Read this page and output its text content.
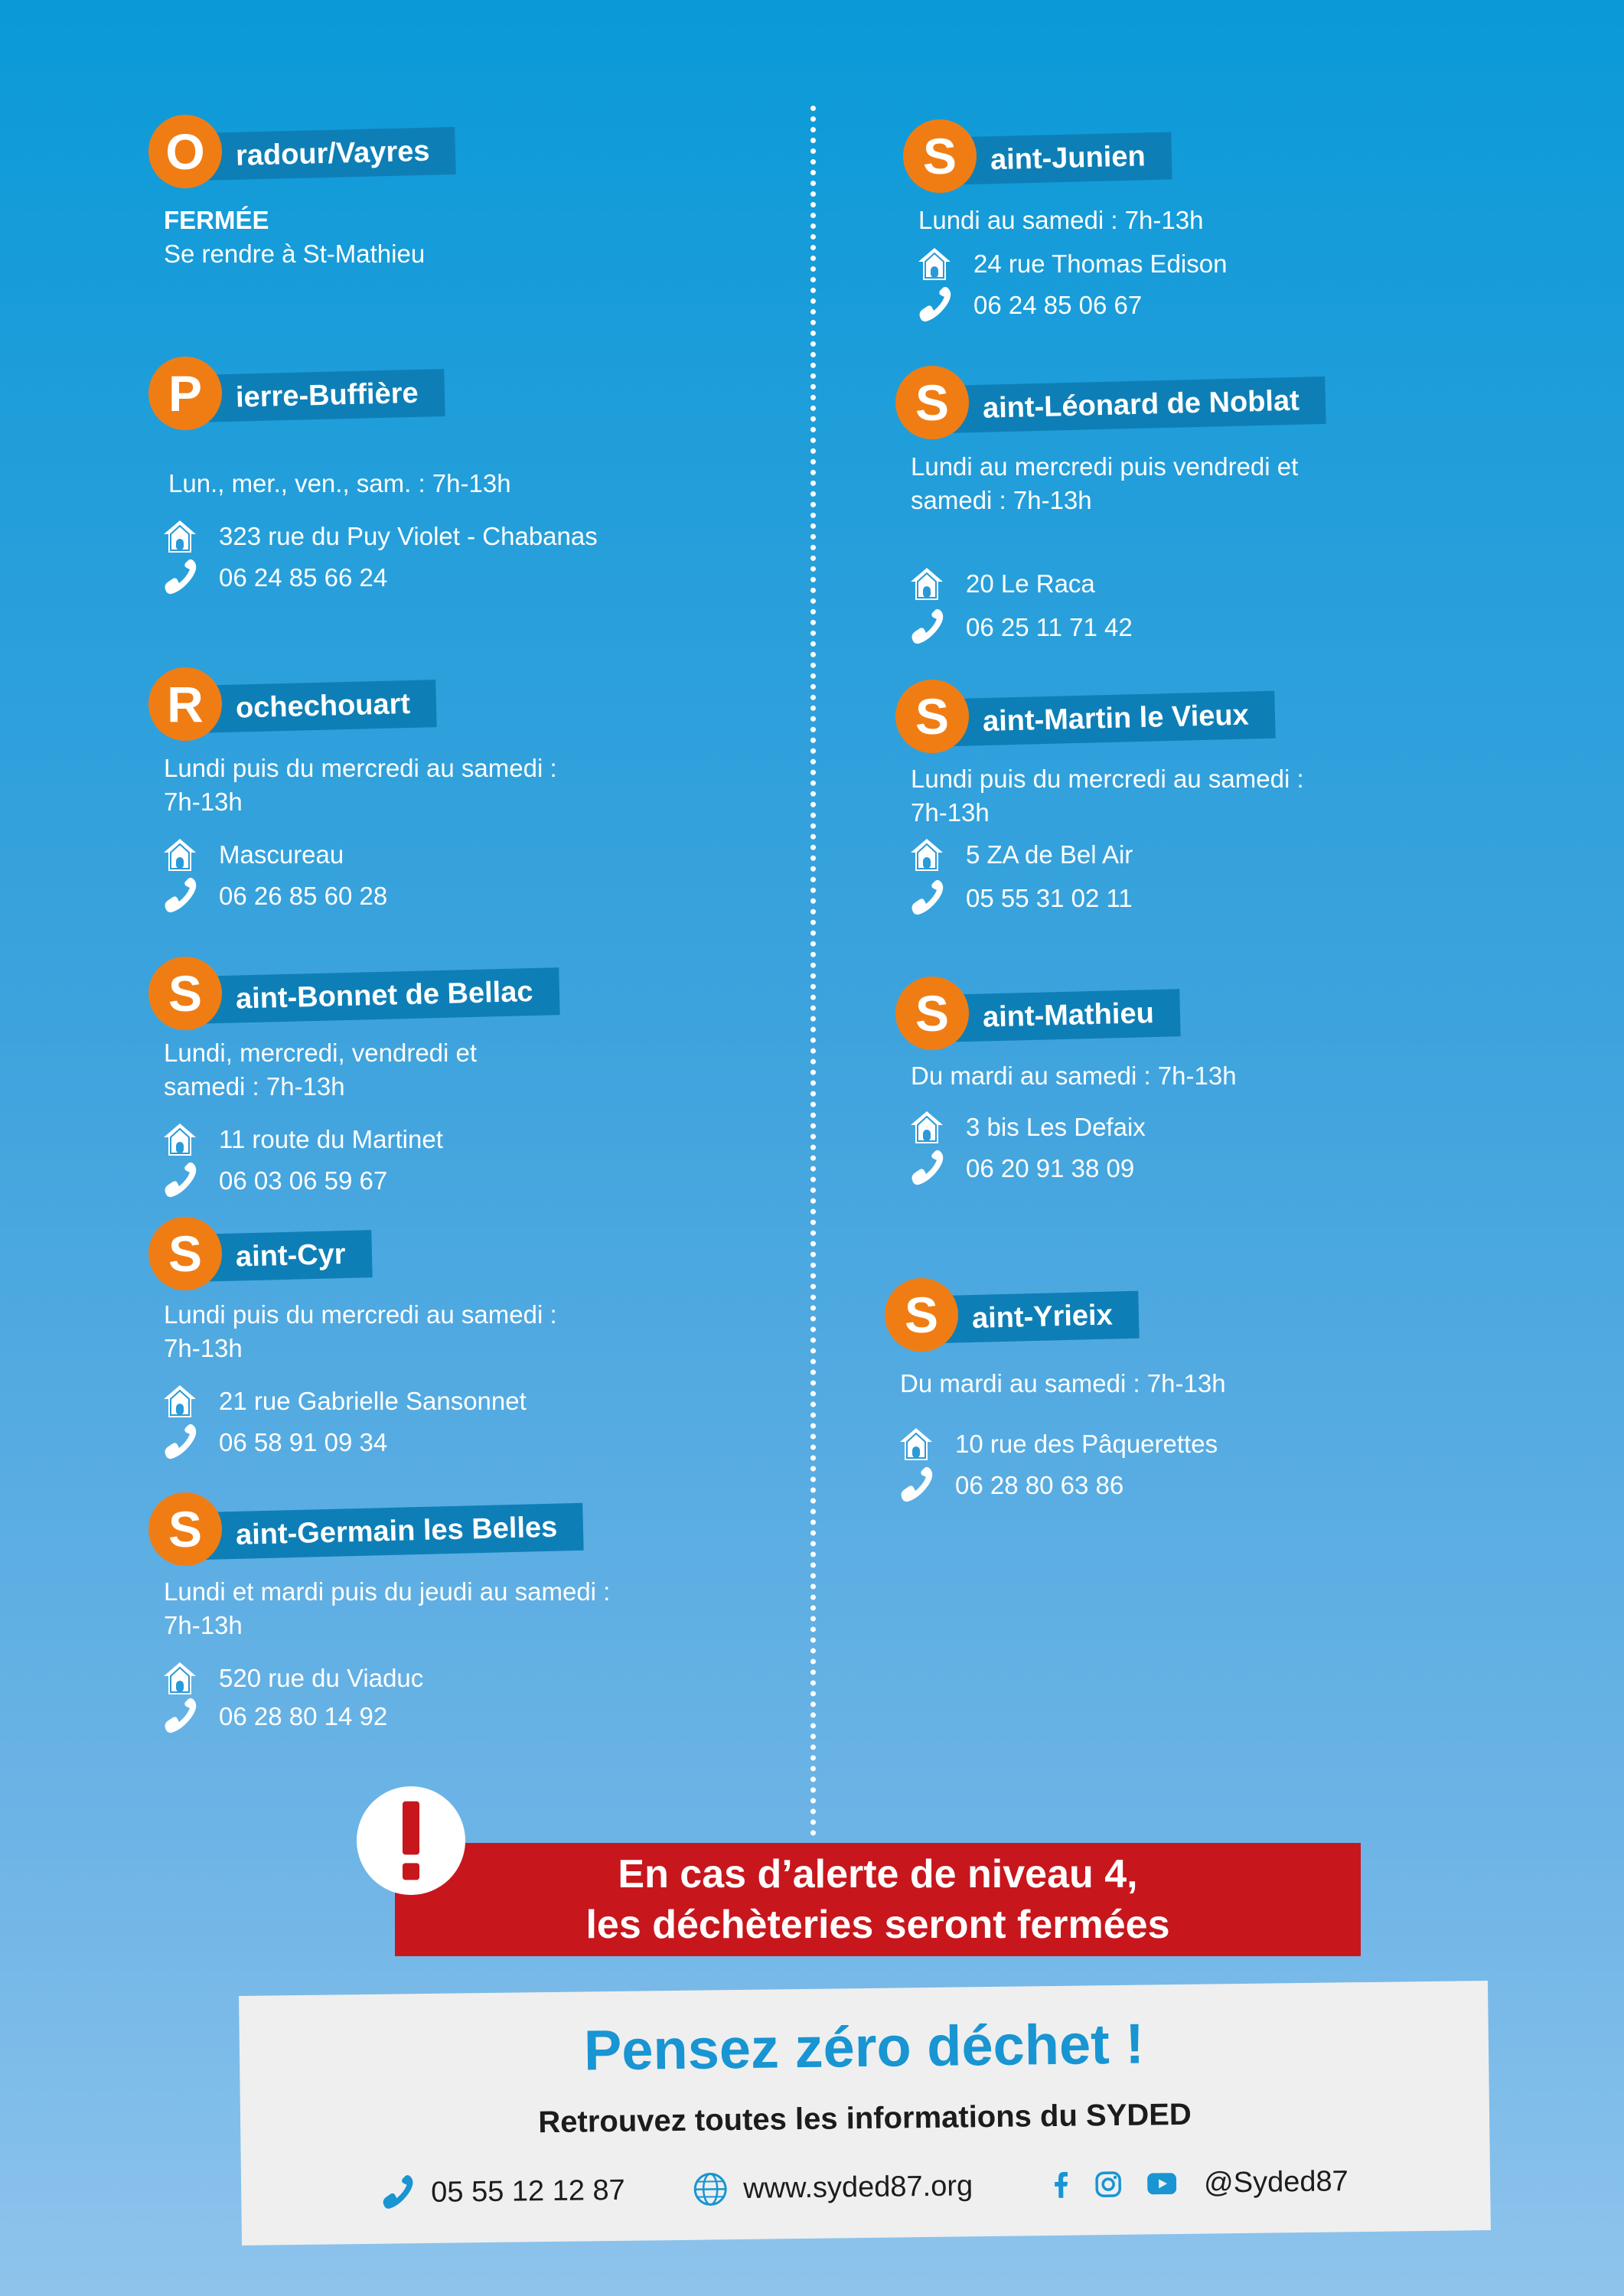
O	radour/Vayres
FERMÉE
Se rendre à St-Mathieu
P	ierre-Buffière
Lun., mer., ven., sam. : 7h-13h
323 rue du Puy Violet - Chabanas
06 24 85 66 24
R	ochechouart
Lundi puis du mercredi au samedi :
7h-13h
Mascureau
06 26 85 60 28
S	aint-Bonnet de Bellac
Lundi, mercredi, vendredi et
samedi : 7h-13h
11 route du Martinet
06 03 06 59 67
S	aint-Cyr
Lundi puis du mercredi au samedi :
7h-13h
21 rue Gabrielle Sansonnet
06 58 91 09 34
S	aint-Germain les Belles
Lundi et mardi puis du jeudi au samedi :
7h-13h
520 rue du Viaduc
06 28 80 14 92
S	aint-Junien
Lundi au samedi : 7h-13h
24 rue Thomas Edison
06 24 85 06 67
S	aint-Léonard de Noblat
Lundi au mercredi puis vendredi et
samedi : 7h-13h
20 Le Raca
06 25 11 71 42
S	aint-Martin le Vieux
Lundi puis du mercredi au samedi :
7h-13h
5 ZA de Bel Air
05 55 31 02 11
S	aint-Mathieu
Du mardi au samedi : 7h-13h
3 bis Les Defaix
06 20 91 38 09
S	aint-Yrieix
Du mardi au samedi : 7h-13h
10 rue des Pâquerettes
06 28 80 63 86
En cas d’alerte de niveau 4,
les déchèteries seront fermées
Pensez zéro déchet !
Retrouvez toutes les informations du SYDED
05 55 12 12 87	www.syded87.org	@Syded87
